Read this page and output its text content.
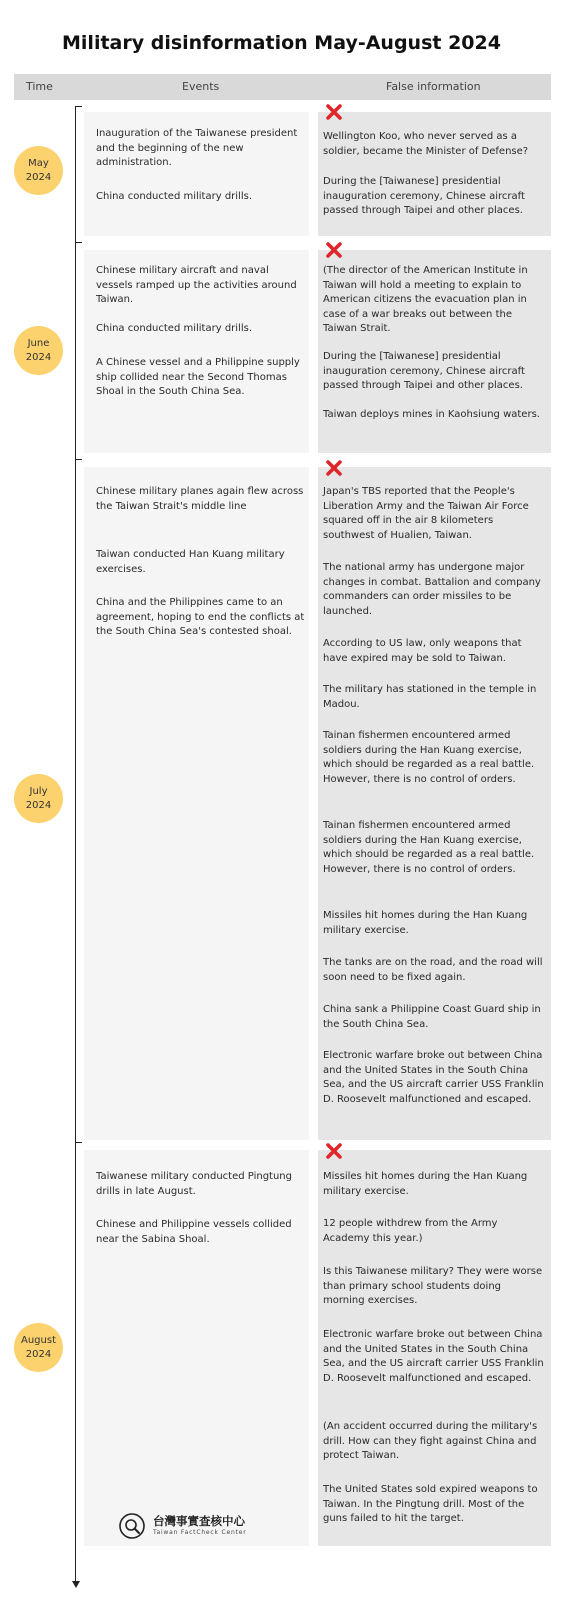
Military disinformation May-August 2024
Time	Events	False information
May
2024
Inauguration of the Taiwanese president and the beginning of the new administration.
China conducted military drills.
Wellington Koo, who never served as a soldier, became the Minister of Defense?
During the [Taiwanese] presidential inauguration ceremony, Chinese aircraft passed through Taipei and other places.
June
2024
Chinese military aircraft and naval vessels ramped up the activities around Taiwan.
China conducted military drills.
A Chinese vessel and a Philippine supply ship collided near the Second Thomas Shoal in the South China Sea.
(The director of the American Institute in Taiwan will hold a meeting to explain to American citizens the evacuation plan in case of a war breaks out between the Taiwan Strait.
During the [Taiwanese] presidential inauguration ceremony, Chinese aircraft passed through Taipei and other places.
Taiwan deploys mines in Kaohsiung waters.
July
2024
Chinese military planes again flew across the Taiwan Strait's middle line
Taiwan conducted Han Kuang military exercises.
China and the Philippines came to an agreement, hoping to end the conflicts at the South China Sea's contested shoal.
Japan's TBS reported that the People's Liberation Army and the Taiwan Air Force squared off in the air 8 kilometers southwest of Hualien, Taiwan.
The national army has undergone major changes in combat. Battalion and company commanders can order missiles to be launched.
According to US law, only weapons that have expired may be sold to Taiwan.
The military has stationed in the temple in Madou.
Tainan fishermen encountered armed soldiers during the Han Kuang exercise, which should be regarded as a real battle. However, there is no control of orders.
Tainan fishermen encountered armed soldiers during the Han Kuang exercise, which should be regarded as a real battle. However, there is no control of orders.
Missiles hit homes during the Han Kuang military exercise.
The tanks are on the road, and the road will soon need to be fixed again.
China sank a Philippine Coast Guard ship in the South China Sea.
Electronic warfare broke out between China and the United States in the South China Sea, and the US aircraft carrier USS Franklin D. Roosevelt malfunctioned and escaped.
August
2024
Taiwanese military conducted Pingtung drills in late August.
Chinese and Philippine vessels collided near the Sabina Shoal.
Missiles hit homes during the Han Kuang military exercise.
12 people withdrew from the Army Academy this year.)
Is this Taiwanese military? They were worse than primary school students doing morning exercises.
Electronic warfare broke out between China and the United States in the South China Sea, and the US aircraft carrier USS Franklin D. Roosevelt malfunctioned and escaped.
(An accident occurred during the military's drill. How can they fight against China and protect Taiwan.
The United States sold expired weapons to Taiwan. In the Pingtung drill. Most of the guns failed to hit the target.
台灣事實查核中心
Taiwan FactCheck Center
